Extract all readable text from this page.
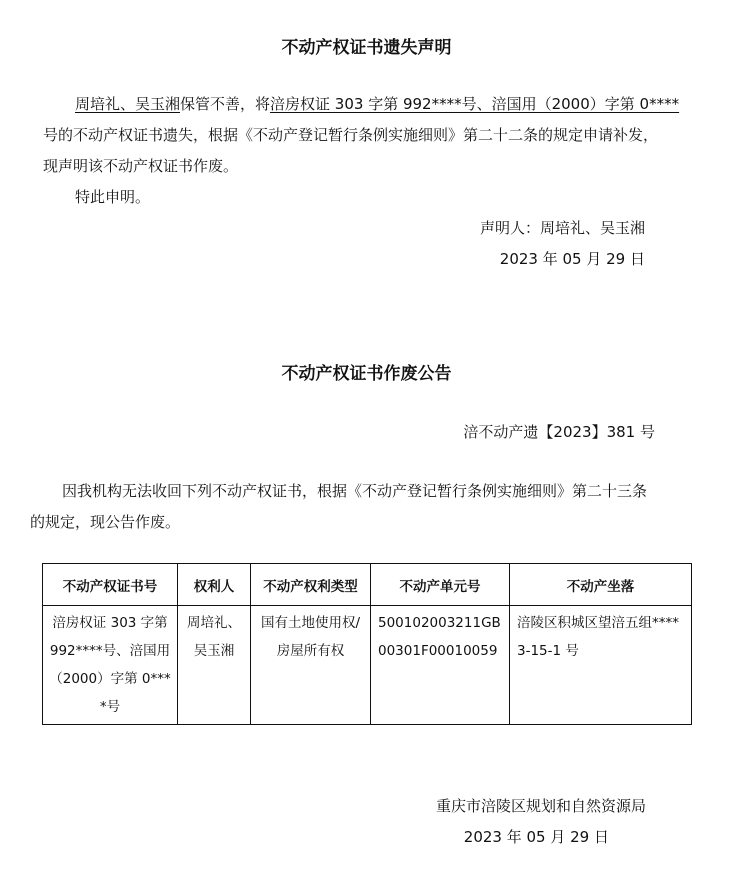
不动产权证书遗失声明
周培礼、吴玉湘保管不善，将涪房权证 303 字第 992****号、涪国用（2000）字第 0****
号的不动产权证书遗失，根据《不动产登记暂行条例实施细则》第二十二条的规定申请补发，
现声明该不动产权证书作废。
特此申明。
声明人：周培礼、吴玉湘
2023 年 05 月 29 日
不动产权证书作废公告
涪不动产遗【2023】381 号
因我机构无法收回下列不动产权证书，根据《不动产登记暂行条例实施细则》第二十三条
的规定，现公告作废。
不动产权证书号	权利人	不动产权利类型	不动产单元号	不动产坐落
涪房权证 303 字第 992****号、涪国用（2000）字第 0****号	周培礼、吴玉湘	国有土地使用权/房屋所有权	500102003211GB00301F00010059	涪陵区积城区望涪五组****3-15-1 号
重庆市涪陵区规划和自然资源局
2023 年 05 月 29 日
